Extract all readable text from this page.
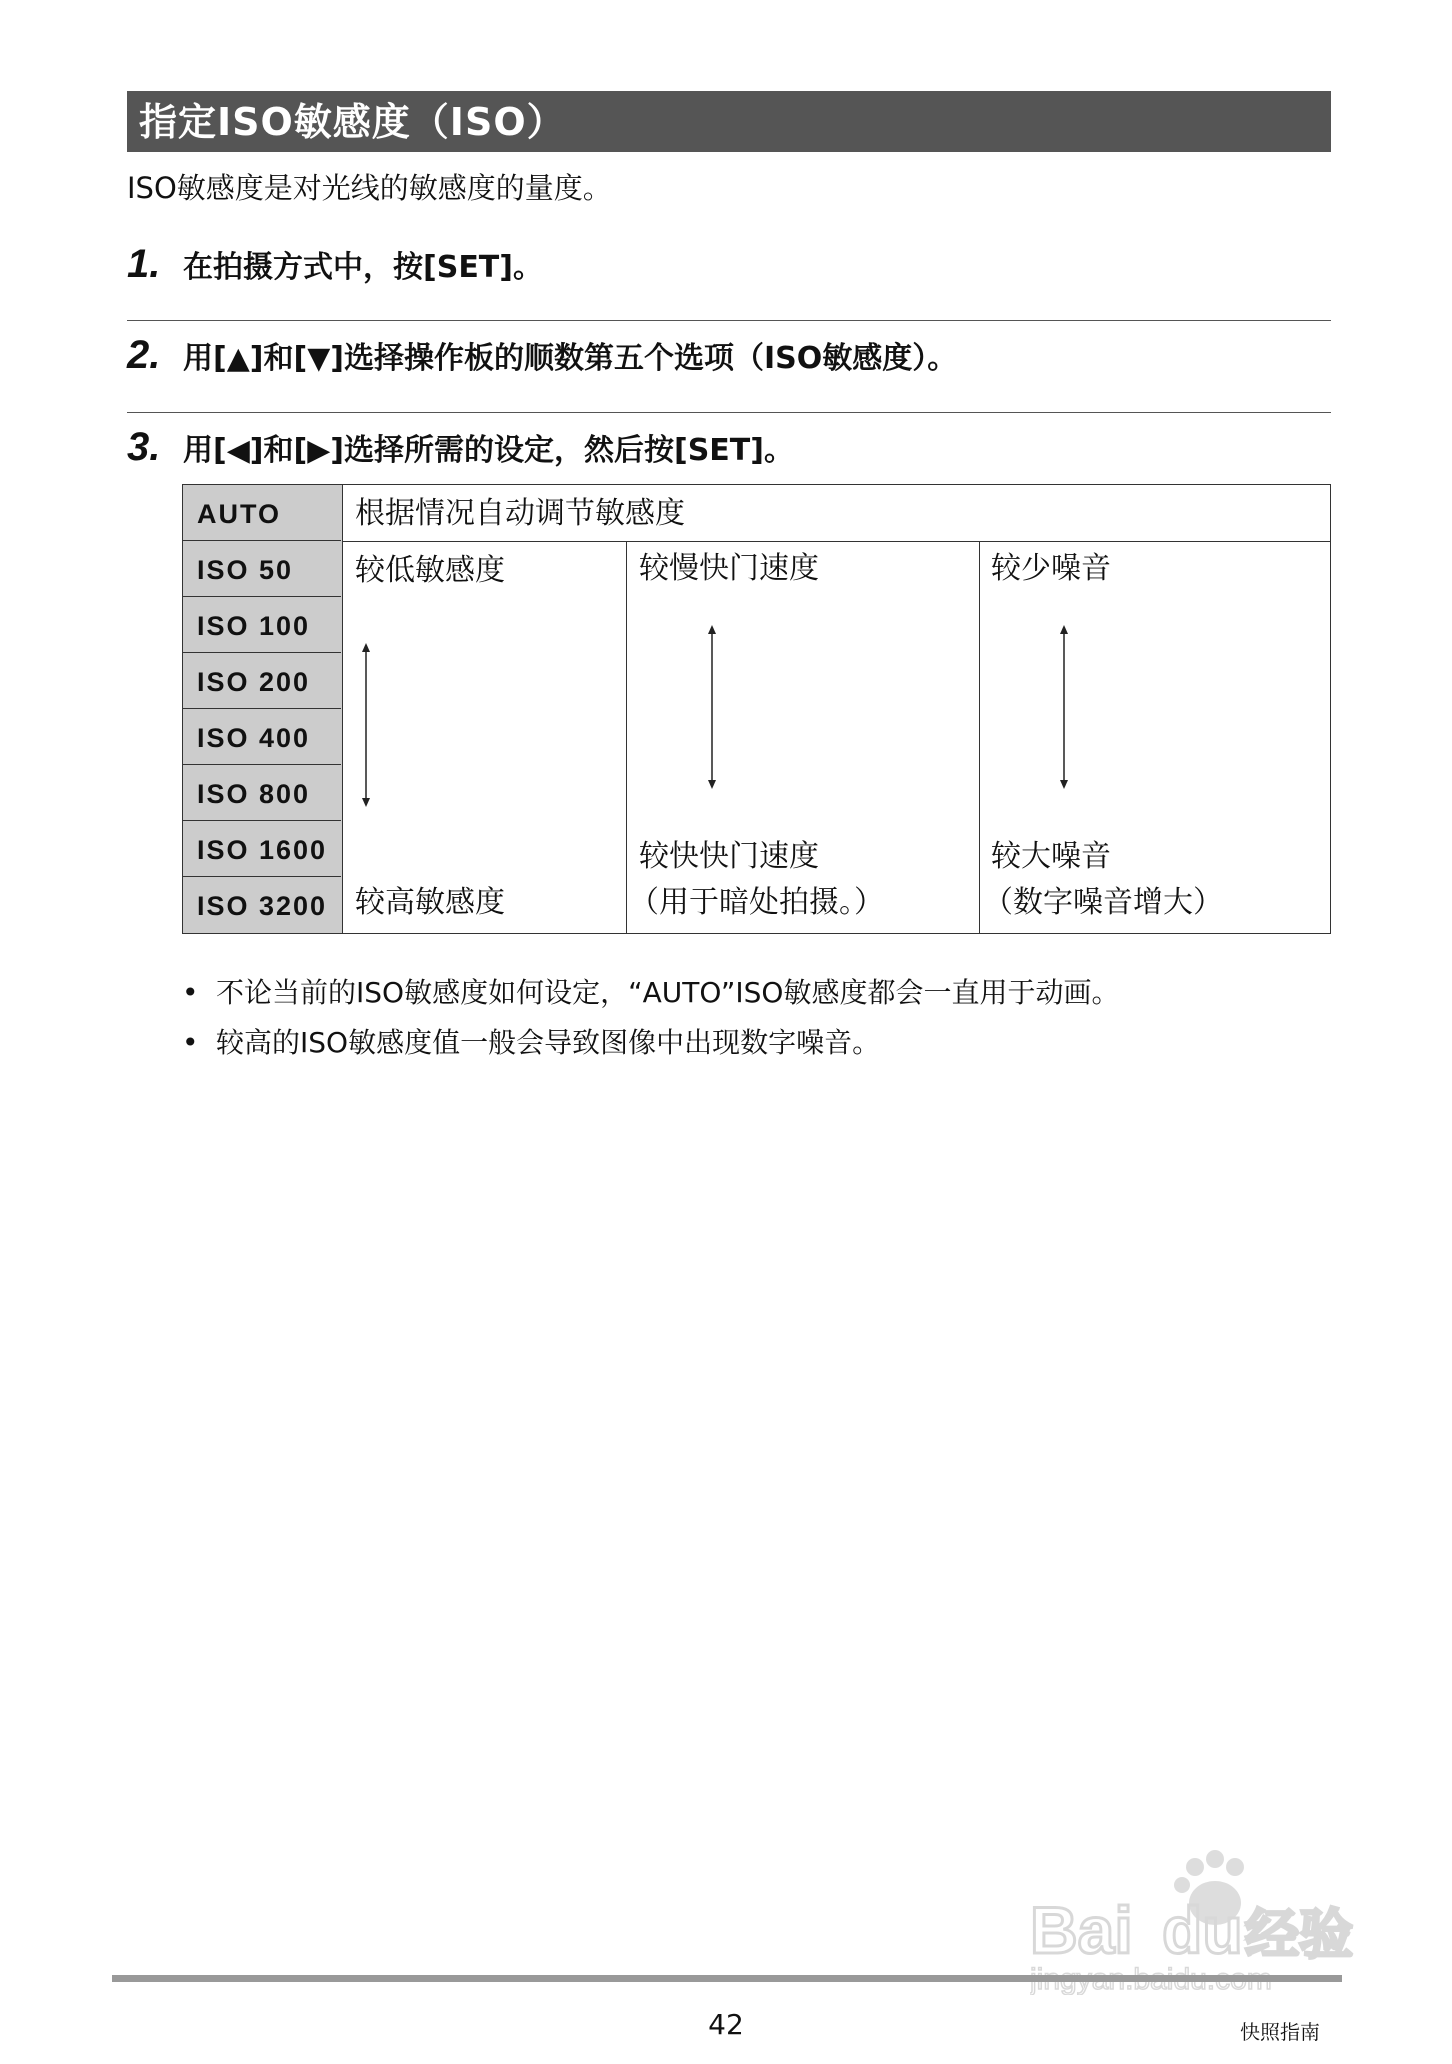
指定ISO敏感度（ISO）
ISO敏感度是对光线的敏感度的量度。
1. 在拍摄方式中，按[SET]。
2. 用[▲]和[▼]选择操作板的顺数第五个选项（ISO敏感度）。
3. 用[◀]和[▶]选择所需的设定，然后按[SET]。
AUTO
ISO 50
ISO 100
ISO 200
ISO 400
ISO 800
ISO 1600
ISO 3200
根据情况自动调节敏感度
较低敏感度
较高敏感度
较慢快门速度
较快快门速度
（用于暗处拍摄。）
较少噪音
较大噪音
（数字噪音增大）
• 不论当前的ISO敏感度如何设定，“AUTO”ISO敏感度都会一直用于动画。
• 较高的ISO敏感度值一般会导致图像中出现数字噪音。
Bai du 经验
42	快照指南
